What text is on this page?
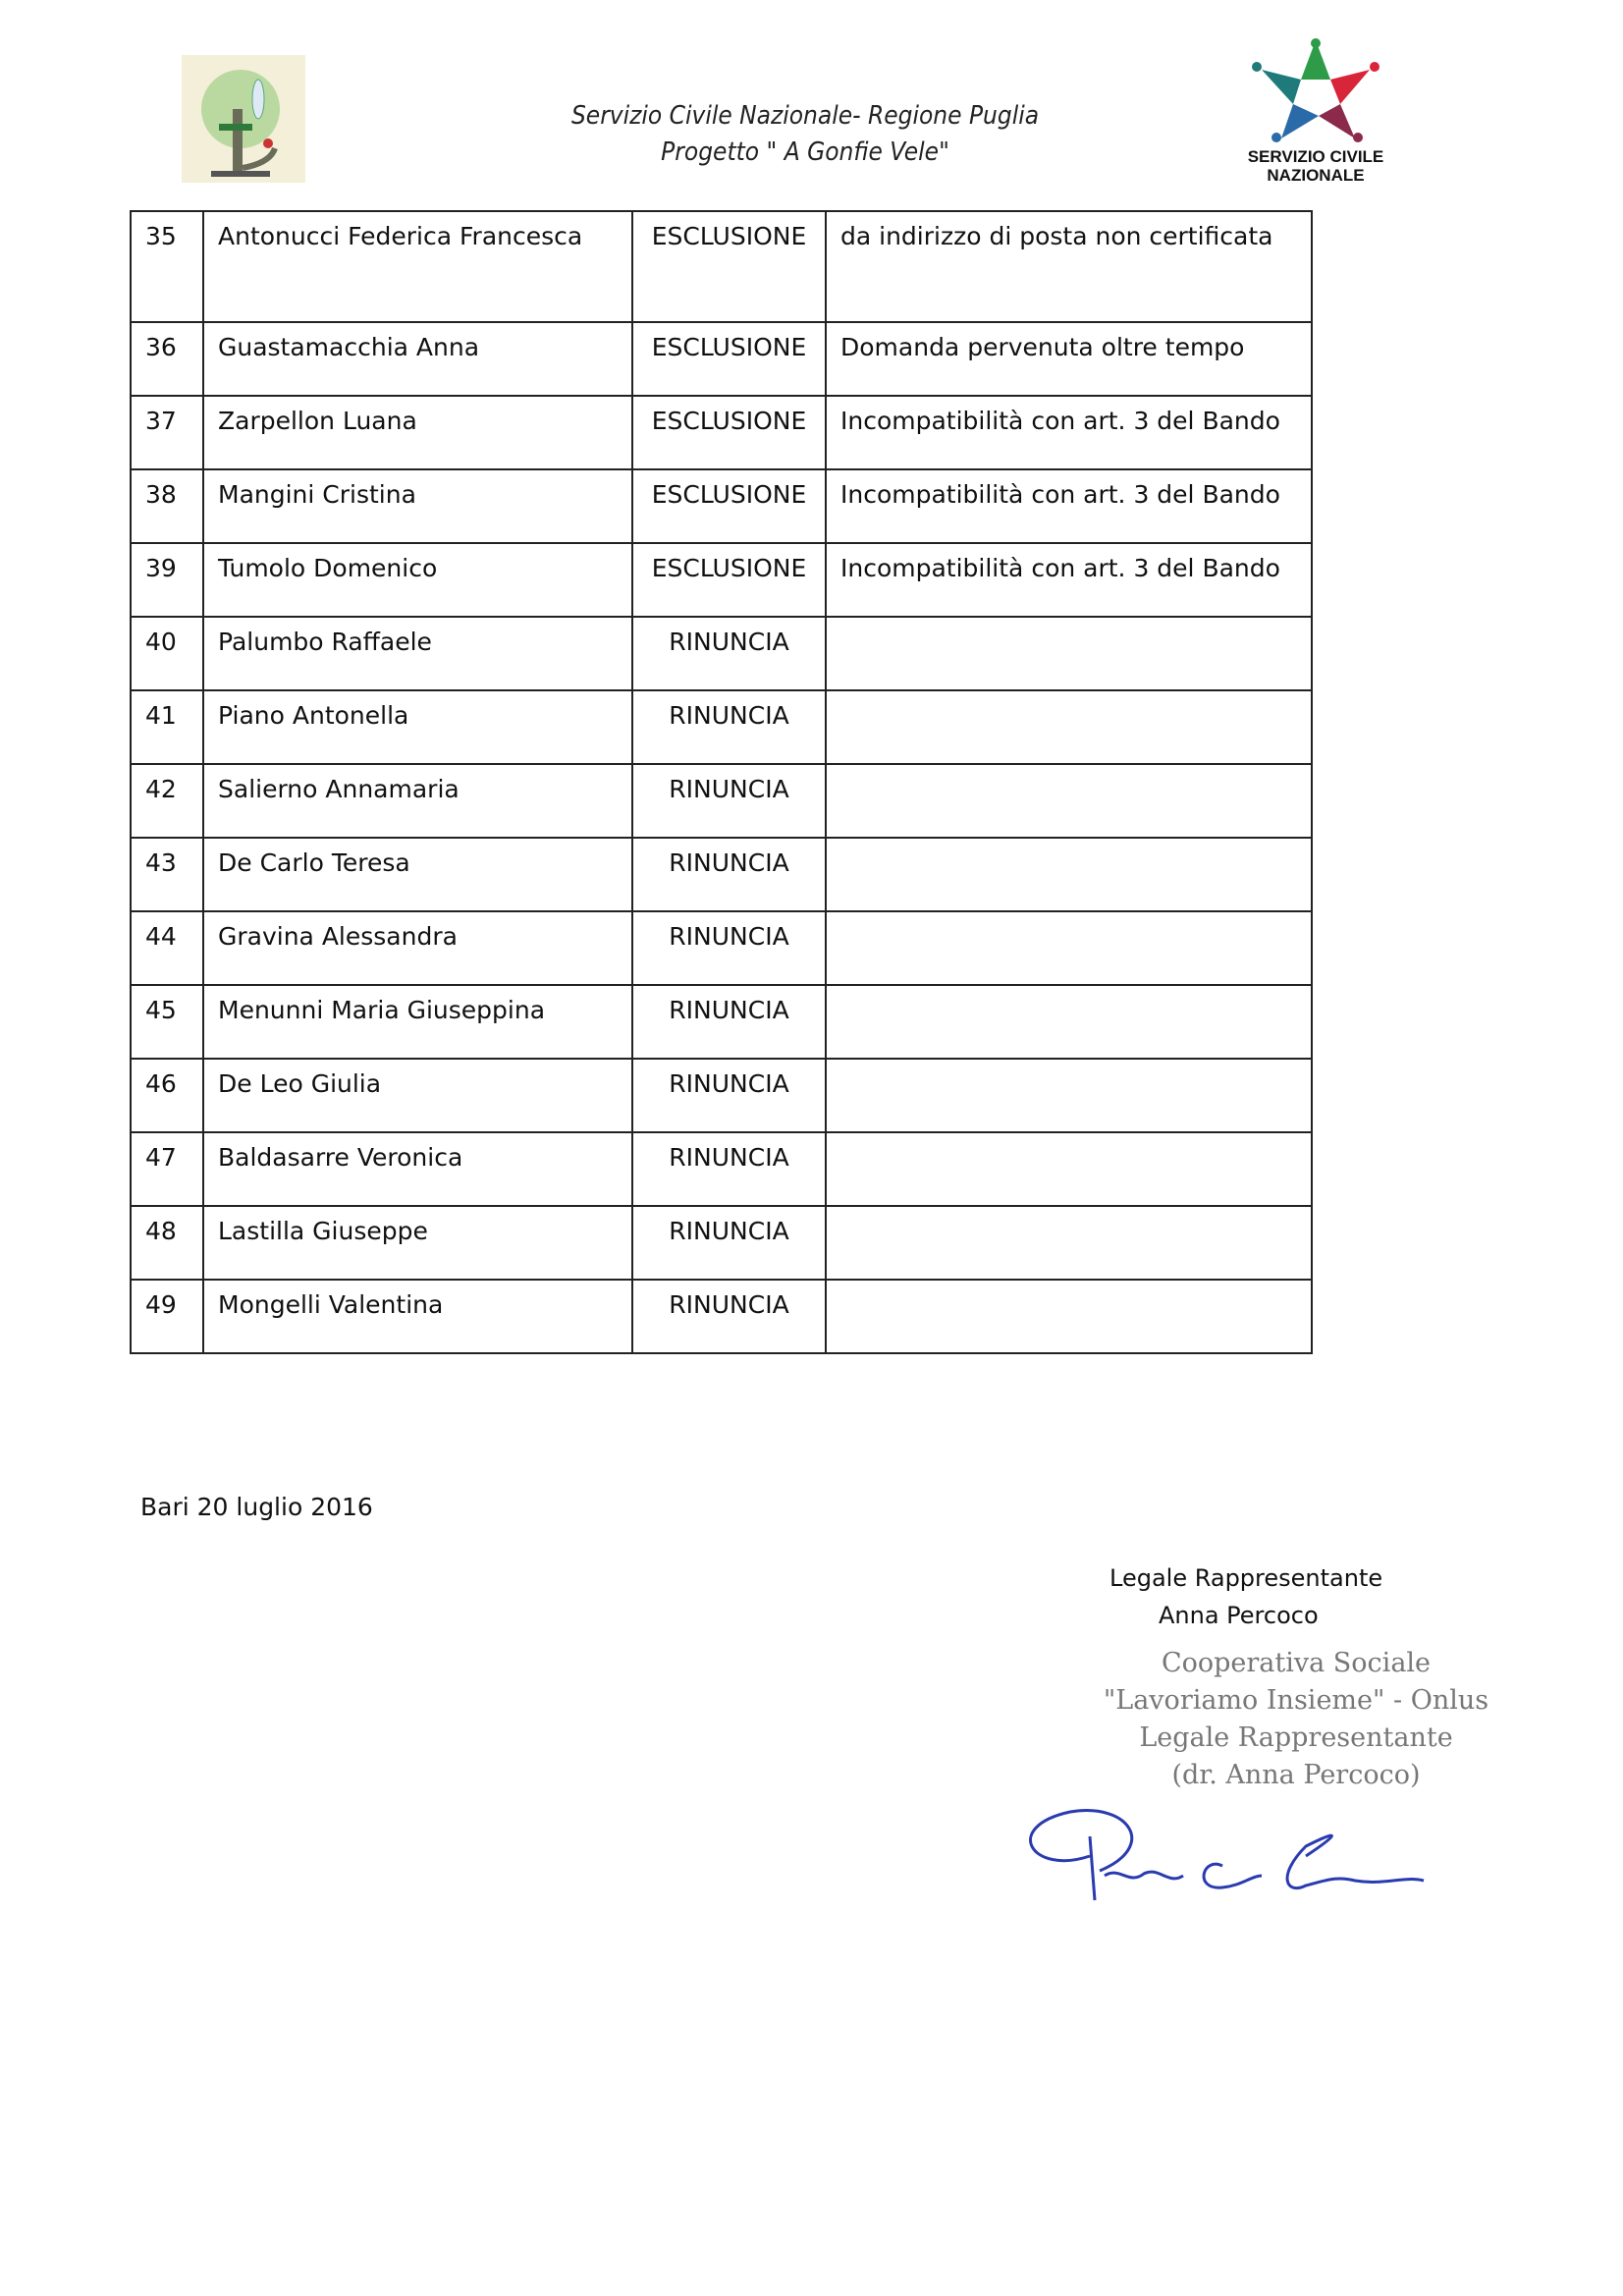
Servizio Civile Nazionale- Regione Puglia
Progetto " A Gonfie Vele"	SERVIZIO CIVILE NAZIONALE
35	Antonucci Federica Francesca	ESCLUSIONE	da indirizzo di posta non certificata
36	Guastamacchia Anna	ESCLUSIONE	Domanda pervenuta oltre tempo
37	Zarpellon Luana	ESCLUSIONE	Incompatibilità con art. 3 del Bando
38	Mangini Cristina	ESCLUSIONE	Incompatibilità con art. 3 del Bando
39	Tumolo Domenico	ESCLUSIONE	Incompatibilità con art. 3 del Bando
40	Palumbo Raffaele	RINUNCIA	
41	Piano Antonella	RINUNCIA	
42	Salierno Annamaria	RINUNCIA	
43	De Carlo Teresa	RINUNCIA	
44	Gravina Alessandra	RINUNCIA	
45	Menunni Maria Giuseppina	RINUNCIA	
46	De Leo Giulia	RINUNCIA	
47	Baldasarre Veronica	RINUNCIA	
48	Lastilla Giuseppe	RINUNCIA	
49	Mongelli Valentina	RINUNCIA	
Bari 20 luglio 2016
Legale Rappresentante
Anna Percoco
Cooperativa Sociale
"Lavoriamo Insieme" - Onlus
Legale Rappresentante
(dr. Anna Percoco)
